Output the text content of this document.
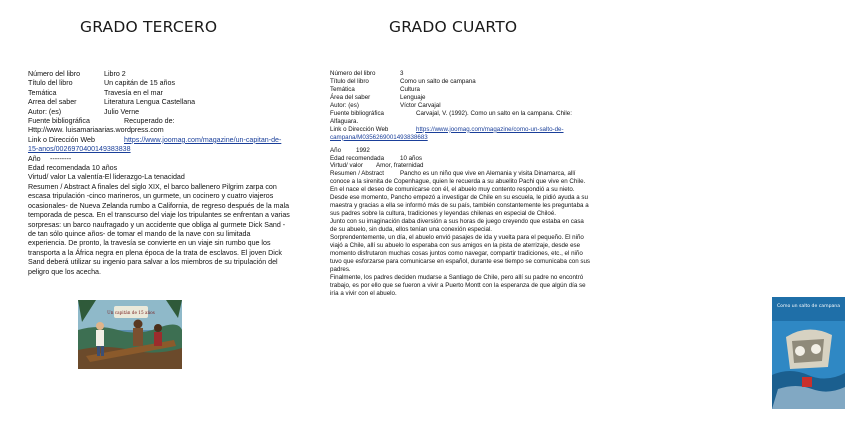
GRADO TERCERO
Número del libro	Libro 2
Título del libro	Un capitán de 15 años
Temática	Travesía en el mar
Arrea del saber	Literatura Lengua Castellana
Autor: (es)	Julio Verne
Fuente bibliográfica	Recuperado de:
Http://www. luisamariaarias.wordpress.com
Link o Dirección Web	https://www.joomag.com/magazine/un-capitan-de-15-anos/0026970400149383838
Año	---------
Edad recomendada 10 años
Virtud/ valor La valentía-El liderazgo-La tenacidad
Resumen / Abstract A finales del siglo XIX, el barco ballenero Pilgrim zarpa con escasa tripulación -cinco marineros, un gurmete, un cocinero y cuatro viajeros ocasionales- de Nueva Zelanda rumbo a California, de regreso después de la mala temporada de pesca. En el transcurso del viaje los tripulantes se enfrentan a varias sorpresas: un barco naufragado y un accidente que obliga al gurmete Dick Sand -de tan sólo quince años- de tomar el mando de la nave con su limitada experiencia. De pronto, la travesía se convierte en un viaje sin rumbo que los transporta a la África negra en plena época de la trata de esclavos. El joven Dick Sand deberá utilizar su ingenio para salvar a los miembros de su tripulación del peligro que los acecha.
Un capitán de 15 años
GRADO CUARTO
Número del libro	3
Título del libro	Como un salto de campana
Temática	Cultura
Área del saber	Lenguaje
Autor: (es)	Víctor Carvajal
Fuente bibliográfica	Carvajal, V. (1992). Como un salto en la campana. Chile: Alfaguara.
Link o Dirección Web	https://www.joomag.com/magazine/como-un-salto-de-campana/M0356269001493838683
Año	1992
Edad recomendada	10 años
Virtud/ valor	Amor, fraternidad
Resumen / Abstract	Pancho es un niño que vive en Alemania y visita Dinamarca, allí conoce a la sirenita de Copenhague, quien le recuerda a su abuelito Pachi que vive en Chile. En el nace el deseo de comunicarse con él, el abuelo muy contento respondió a su nieto. Desde ese momento, Pancho empezó a investigar de Chile en su escuela, le pidió ayuda a su maestra y gracias a ella se informó más de su país, también constantemente les preguntaba a sus padres sobre la cultura, tradiciones y leyendas chilenas en especial de Chiloé.
Junto con su imaginación daba diversión a sus horas de juego creyendo que estaba en casa de su abuelo, sin duda, ellos tenían una conexión especial.
Sorprendentemente, un día, el abuelo envió pasajes de ida y vuelta para el pequeño. El niño viajó a Chile, allí su abuelo lo esperaba con sus amigos en la pista de aterrizaje, desde ese momento disfrutaron muchas cosas juntos como navegar, compartir tradiciones, etc., el niño tuvo que esforzarse para comunicarse en español, durante ese tiempo se comunicaba con sus padres.
Finalmente, los padres deciden mudarse a Santiago de Chile, pero allí su padre no encontró trabajo, es por ello que se fueron a vivir a Puerto Montt con la esperanza de que algún día se iría a vivir con el abuelo.
Como un salto de campana
